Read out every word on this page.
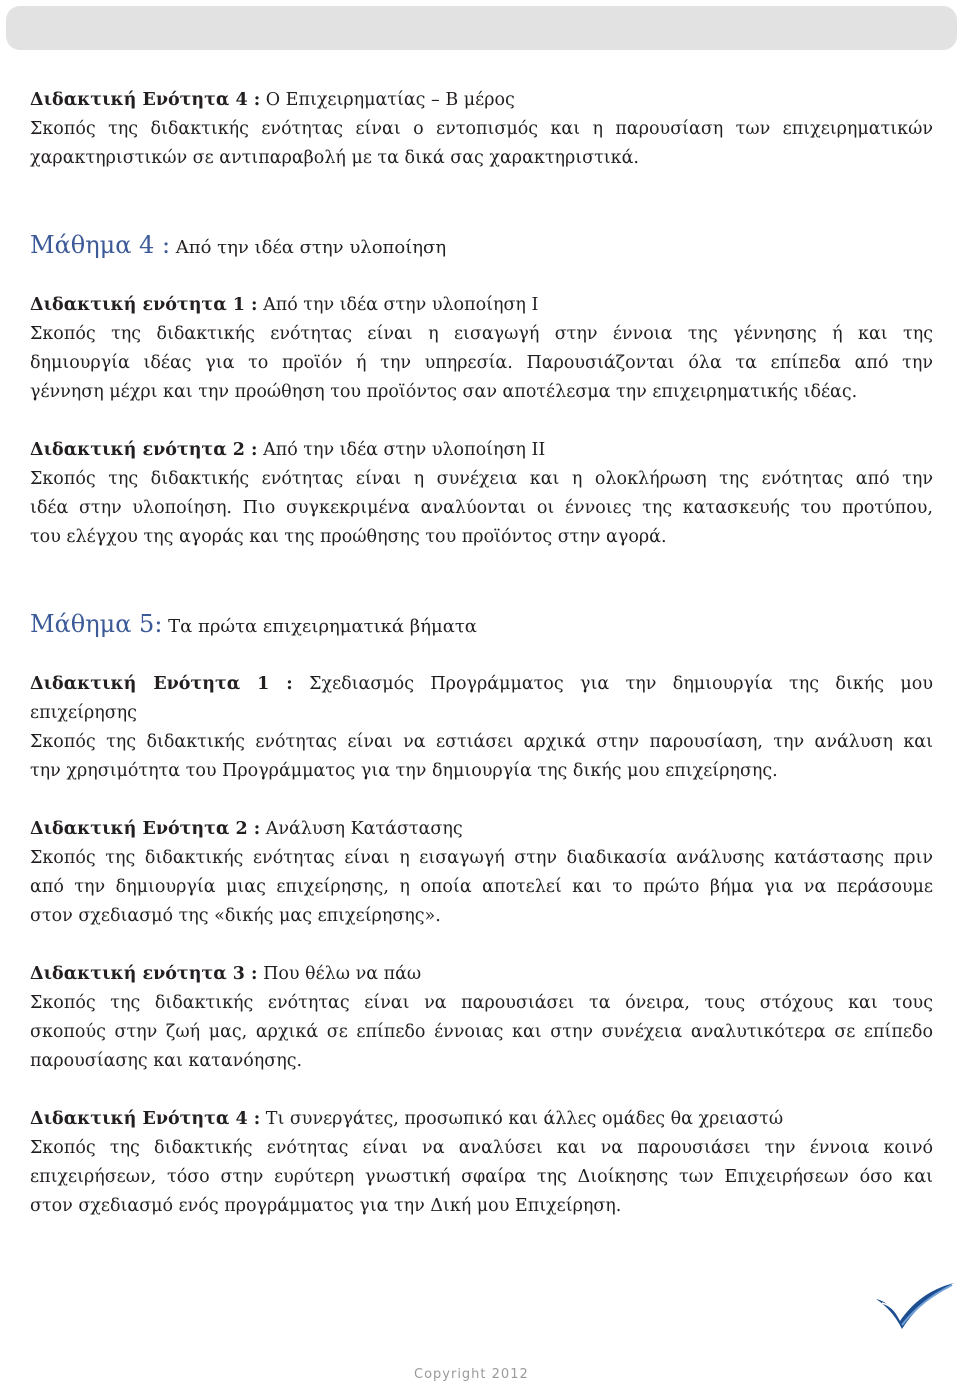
Διδακτική Ενότητα 4 : Ο Επιχειρηματίας – Β μέρος

Σκοπός της διδακτικής ενότητας είναι ο εντοπισμός και η παρουσίαση των επιχειρηματικών

χαρακτηριστικών σε αντιπαραβολή με τα δικά σας χαρακτηριστικά.

Μάθημα 4 : Από την ιδέα στην υλοποίηση

Διδακτική ενότητα 1 : Από την ιδέα στην υλοποίηση Ι

Σκοπός της διδακτικής ενότητας είναι η εισαγωγή στην έννοια της γέννησης ή και της

δημιουργία ιδέας για το προϊόν ή την υπηρεσία. Παρουσιάζονται όλα τα επίπεδα από την

γέννηση μέχρι και την προώθηση του προϊόντος σαν αποτέλεσμα την επιχειρηματικής ιδέας.

Διδακτική ενότητα 2 : Από την ιδέα στην υλοποίηση ΙΙ

Σκοπός της διδακτικής ενότητας είναι η συνέχεια και η ολοκλήρωση της ενότητας από την

ιδέα στην υλοποίηση. Πιο συγκεκριμένα αναλύονται οι έννοιες της κατασκευής του προτύπου,

του ελέγχου της αγοράς και της προώθησης του προϊόντος στην αγορά.

Μάθημα 5: Τα πρώτα επιχειρηματικά βήματα

Διδακτική Ενότητα 1 : Σχεδιασμός Προγράμματος για την δημιουργία της δικής μου

επιχείρησης

Σκοπός της διδακτικής ενότητας είναι να εστιάσει αρχικά στην παρουσίαση, την ανάλυση και

την χρησιμότητα του Προγράμματος για την δημιουργία της δικής μου επιχείρησης.

Διδακτική Ενότητα 2 : Ανάλυση Κατάστασης

Σκοπός της διδακτικής ενότητας είναι η εισαγωγή στην διαδικασία ανάλυσης κατάστασης πριν

από την δημιουργία μιας επιχείρησης, η οποία αποτελεί και το πρώτο βήμα για να περάσουμε

στον σχεδιασμό της «δικής μας επιχείρησης».

Διδακτική ενότητα 3 : Που θέλω να πάω

Σκοπός της διδακτικής ενότητας είναι να παρουσιάσει τα όνειρα, τους στόχους και τους

σκοπούς στην ζωή μας, αρχικά σε επίπεδο έννοιας και στην συνέχεια αναλυτικότερα σε επίπεδο

παρουσίασης και κατανόησης.

Διδακτική Ενότητα 4 : Τι συνεργάτες, προσωπικό και άλλες ομάδες θα χρειαστώ

Σκοπός της διδακτικής ενότητας είναι να αναλύσει και να παρουσιάσει την έννοια κοινό

επιχειρήσεων, τόσο στην ευρύτερη γνωστική σφαίρα της Διοίκησης των Επιχειρήσεων όσο και

στον σχεδιασμό ενός προγράμματος για την Δική μου Επιχείρηση.

Copyright 2012
